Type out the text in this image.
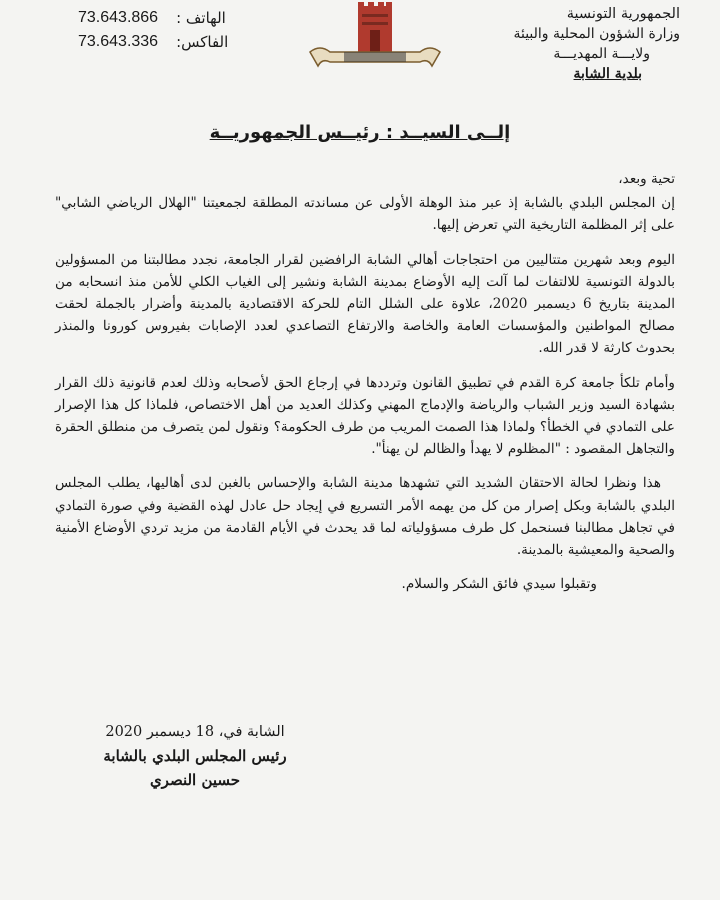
73.643.866 الهاتف :
73.643.336 الفاكس:
الجمهورية التونسية
وزارة الشؤون المحلية والبيئة
ولايـــة المهديـــة
بلدية الشابة
إلــى السيــد : رئيــس الجمهوريــة

تحية وبعد،

إن المجلس البلدي بالشابة إذ عبر منذ الوهلة الأولى عن مساندته المطلقة لجمعيتنا "الهلال الرياضي الشابي" على إثر المظلمة التاريخية التي تعرض إليها.

اليوم وبعد شهرين متتاليين من احتجاجات أهالي الشابة الرافضين لقرار الجامعة، نجدد مطالبتنا من المسؤولين بالدولة التونسية للالتفات لما آلت إليه الأوضاع بمدينة الشابة ونشير إلى الغياب الكلي للأمن منذ انسحابه من المدينة بتاريخ 6 ديسمبر 2020، علاوة على الشلل التام للحركة الاقتصادية بالمدينة وأضرار بالجملة لحقت مصالح المواطنين والمؤسسات العامة والخاصة والارتفاع التصاعدي لعدد الإصابات بفيروس كورونا والمنذر بحدوث كارثة لا قدر الله.

وأمام تلكأ جامعة كرة القدم في تطبيق القانون وترددها في إرجاع الحق لأصحابه وذلك لعدم قانونية ذلك القرار بشهادة السيد وزير الشباب والرياضة والإدماج المهني وكذلك العديد من أهل الاختصاص، فلماذا كل هذا الإصرار على التمادي في الخطأ؟ ولماذا هذا الصمت المريب من طرف الحكومة؟ ونقول لمن يتصرف من منطلق الحقرة والتجاهل المقصود : "المظلوم لا يهدأ والظالم لن يهنأ".

هذا ونظرا لحالة الاحتقان الشديد التي تشهدها مدينة الشابة والإحساس بالغبن لدى أهاليها، يطلب المجلس البلدي بالشابة وبكل إصرار من كل من يهمه الأمر التسريع في إيجاد حل عادل لهذه القضية وفي صورة التمادي في تجاهل مطالبنا فسنحمل كل طرف مسؤولياته لما قد يحدث في الأيام القادمة من مزيد تردي الأوضاع الأمنية والصحية والمعيشية بالمدينة.

وتقبلوا سيدي فائق الشكر والسلام.

الشابة في، 18 ديسمبر 2020
رئيس المجلس البلدي بالشابة
حسين النصري
